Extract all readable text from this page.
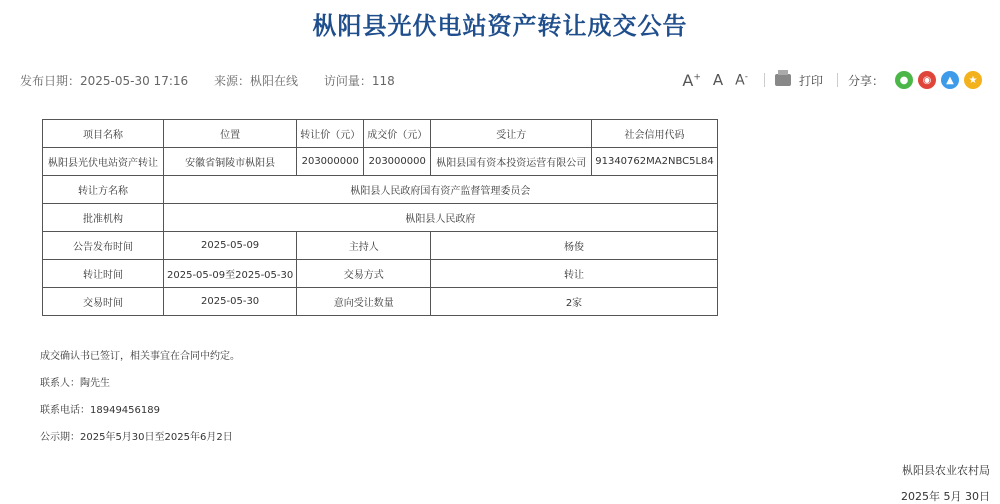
枞阳县光伏电站资产转让成交公告
发布日期：2025-05-30 17:16 来源：枞阳在线 访问量：118	A+ A A-	打印 分享：	●	◉	▲	★
项目名称	位置	转让价（元）	成交价（元）	受让方	社会信用代码
枞阳县光伏电站资产转让	安徽省铜陵市枞阳县	203000000	203000000	枞阳县国有资本投资运营有限公司	91340762MA2NBC5L84
转让方名称	枞阳县人民政府国有资产监督管理委员会				
批准机构	枞阳县人民政府				
公告发布时间	2025-05-09	主持人		杨俊	
转让时间	2025-05-09至2025-05-30	交易方式		转让	
交易时间	2025-05-30	意向受让数量		2家	
成交确认书已签订，相关事宜在合同中约定。
联系人：陶先生
联系电话：18949456189
公示期：2025年5月30日至2025年6月2日
枞阳县农业农村局
2025年 5月 30日
